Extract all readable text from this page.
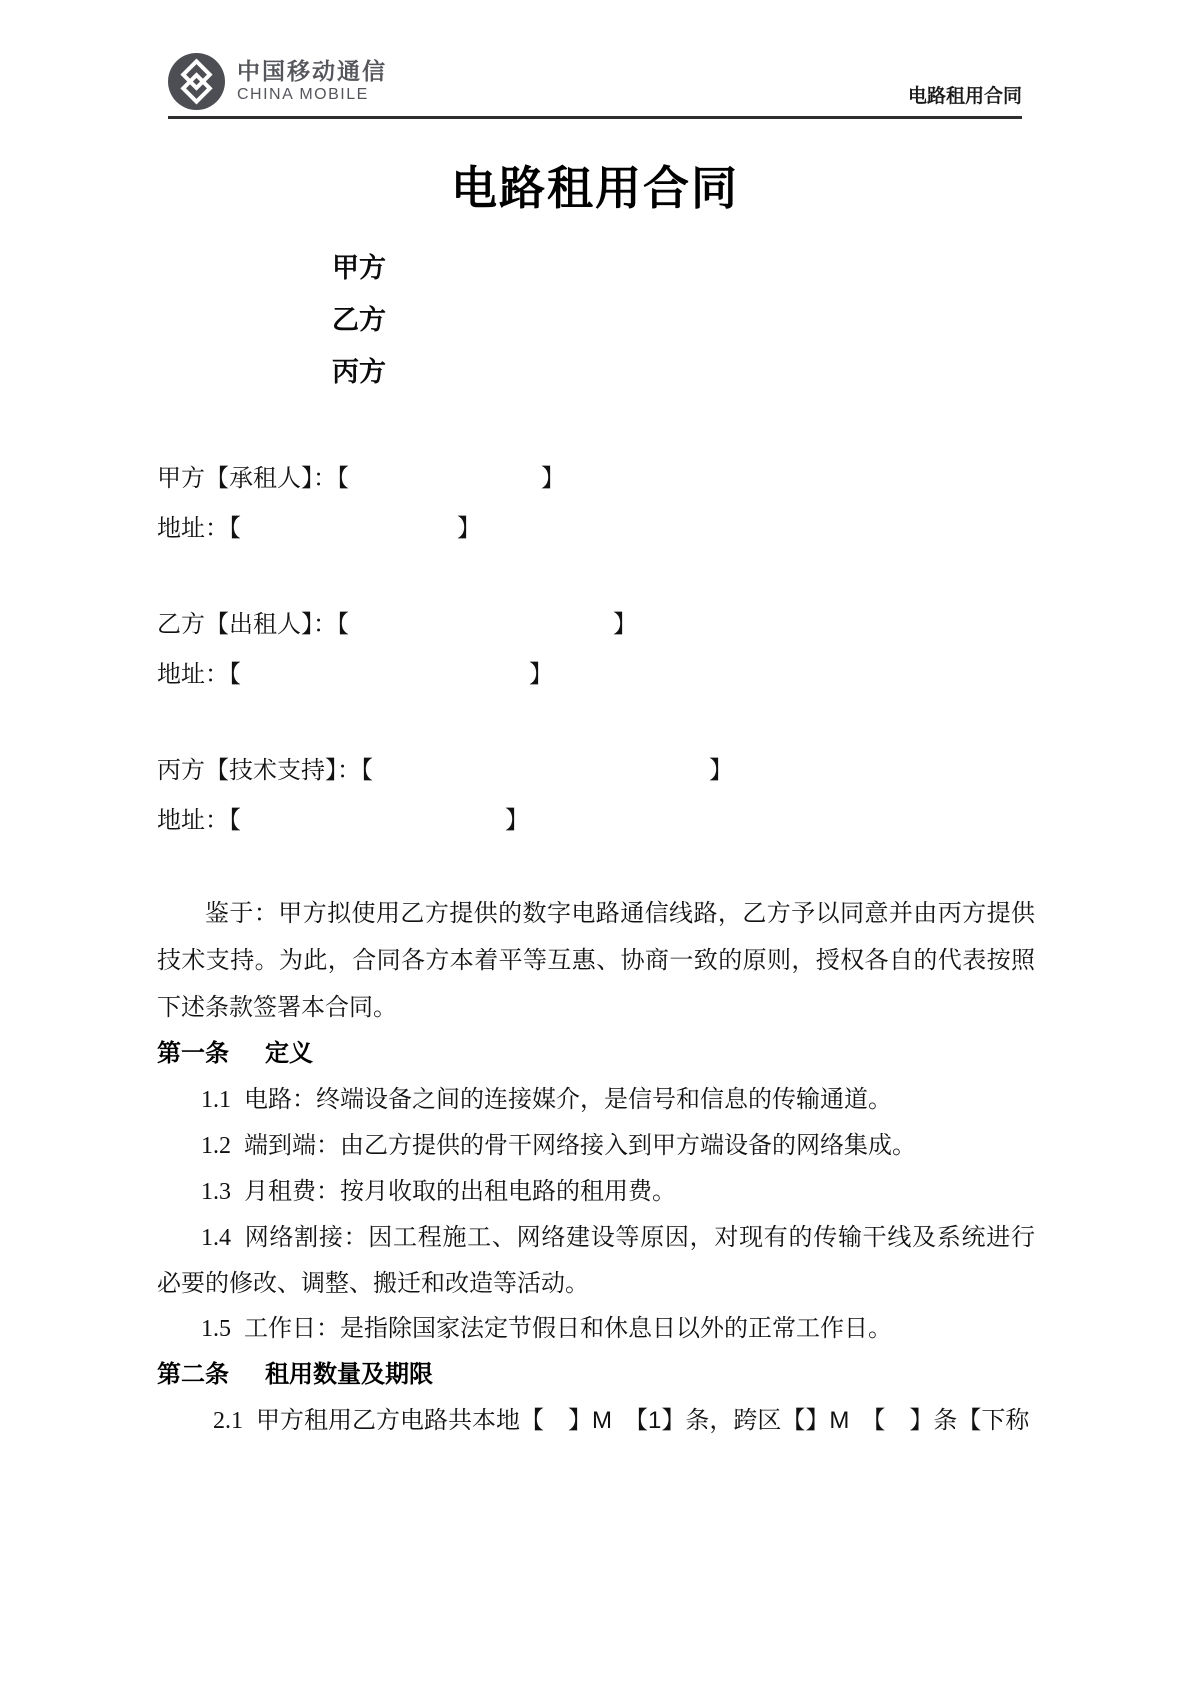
中国移动通信
CHINA MOBILE	电路租用合同
电路租用合同
甲方
乙方
丙方

甲方【承租人】：【　　　　　　　　】

地址：【　　　　　　　　　】

乙方【出租人】：【　　　　　　　　　　　】

地址：【　　　　　　　　　　　　】

丙方【技术支持】：【　　　　　　　　　　　　　　】

地址：【　　　　　　　　　　　】

鉴于：甲方拟使用乙方提供的数字电路通信线路，乙方予以同意并由丙方提供技术支持。为此，合同各方本着平等互惠、协商一致的原则，授权各自的代表按照下述条款签署本合同。

第一条 定义

1.1 电路：终端设备之间的连接媒介，是信号和信息的传输通道。

1.2 端到端：由乙方提供的骨干网络接入到甲方端设备的网络集成。

1.3 月租费：按月收取的出租电路的租用费。

1.4 网络割接：因工程施工、网络建设等原因，对现有的传输干线及系统进行必要的修改、调整、搬迁和改造等活动。

1.5 工作日：是指除国家法定节假日和休息日以外的正常工作日。

第二条 租用数量及期限

2.1 甲方租用乙方电路共本地【　】M　【1】条，跨区【】M　【　】条【下称
